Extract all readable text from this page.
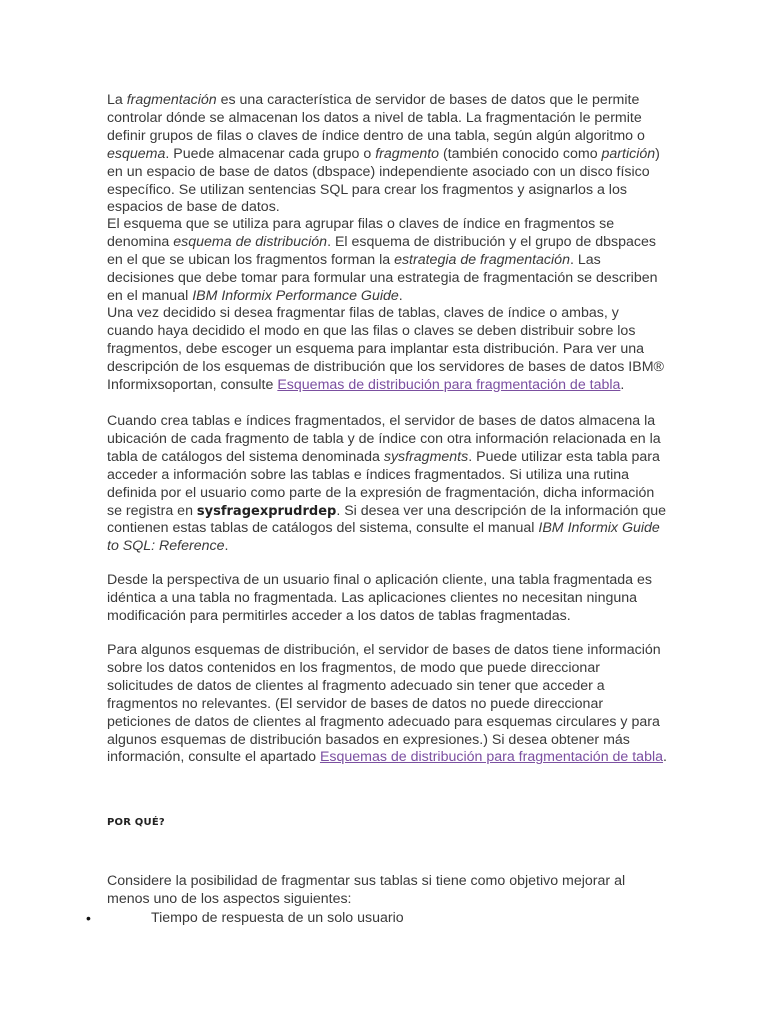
La fragmentación es una característica de servidor de bases de datos que le permite controlar dónde se almacenan los datos a nivel de tabla. La fragmentación le permite definir grupos de filas o claves de índice dentro de una tabla, según algún algoritmo o esquema. Puede almacenar cada grupo o fragmento (también conocido como partición) en un espacio de base de datos (dbspace) independiente asociado con un disco físico específico. Se utilizan sentencias SQL para crear los fragmentos y asignarlos a los espacios de base de datos.

El esquema que se utiliza para agrupar filas o claves de índice en fragmentos se denomina esquema de distribución. El esquema de distribución y el grupo de dbspaces en el que se ubican los fragmentos forman la estrategia de fragmentación. Las decisiones que debe tomar para formular una estrategia de fragmentación se describen en el manual IBM Informix Performance Guide.

Una vez decidido si desea fragmentar filas de tablas, claves de índice o ambas, y cuando haya decidido el modo en que las filas o claves se deben distribuir sobre los fragmentos, debe escoger un esquema para implantar esta distribución. Para ver una descripción de los esquemas de distribución que los servidores de bases de datos IBM® Informixsoportan, consulte Esquemas de distribución para fragmentación de tabla.

Cuando crea tablas e índices fragmentados, el servidor de bases de datos almacena la ubicación de cada fragmento de tabla y de índice con otra información relacionada en la tabla de catálogos del sistema denominada sysfragments. Puede utilizar esta tabla para acceder a información sobre las tablas e índices fragmentados. Si utiliza una rutina definida por el usuario como parte de la expresión de fragmentación, dicha información se registra en sysfragexprudrdep. Si desea ver una descripción de la información que contienen estas tablas de catálogos del sistema, consulte el manual IBM Informix Guide to SQL: Reference.

Desde la perspectiva de un usuario final o aplicación cliente, una tabla fragmentada es idéntica a una tabla no fragmentada. Las aplicaciones clientes no necesitan ninguna modificación para permitirles acceder a los datos de tablas fragmentadas.

Para algunos esquemas de distribución, el servidor de bases de datos tiene información sobre los datos contenidos en los fragmentos, de modo que puede direccionar solicitudes de datos de clientes al fragmento adecuado sin tener que acceder a fragmentos no relevantes. (El servidor de bases de datos no puede direccionar peticiones de datos de clientes al fragmento adecuado para esquemas circulares y para algunos esquemas de distribución basados en expresiones.) Si desea obtener más información, consulte el apartado Esquemas de distribución para fragmentación de tabla.

POR QUÉ?

Considere la posibilidad de fragmentar sus tablas si tiene como objetivo mejorar al menos uno de los aspectos siguientes:

•	Tiempo de respuesta de un solo usuario
